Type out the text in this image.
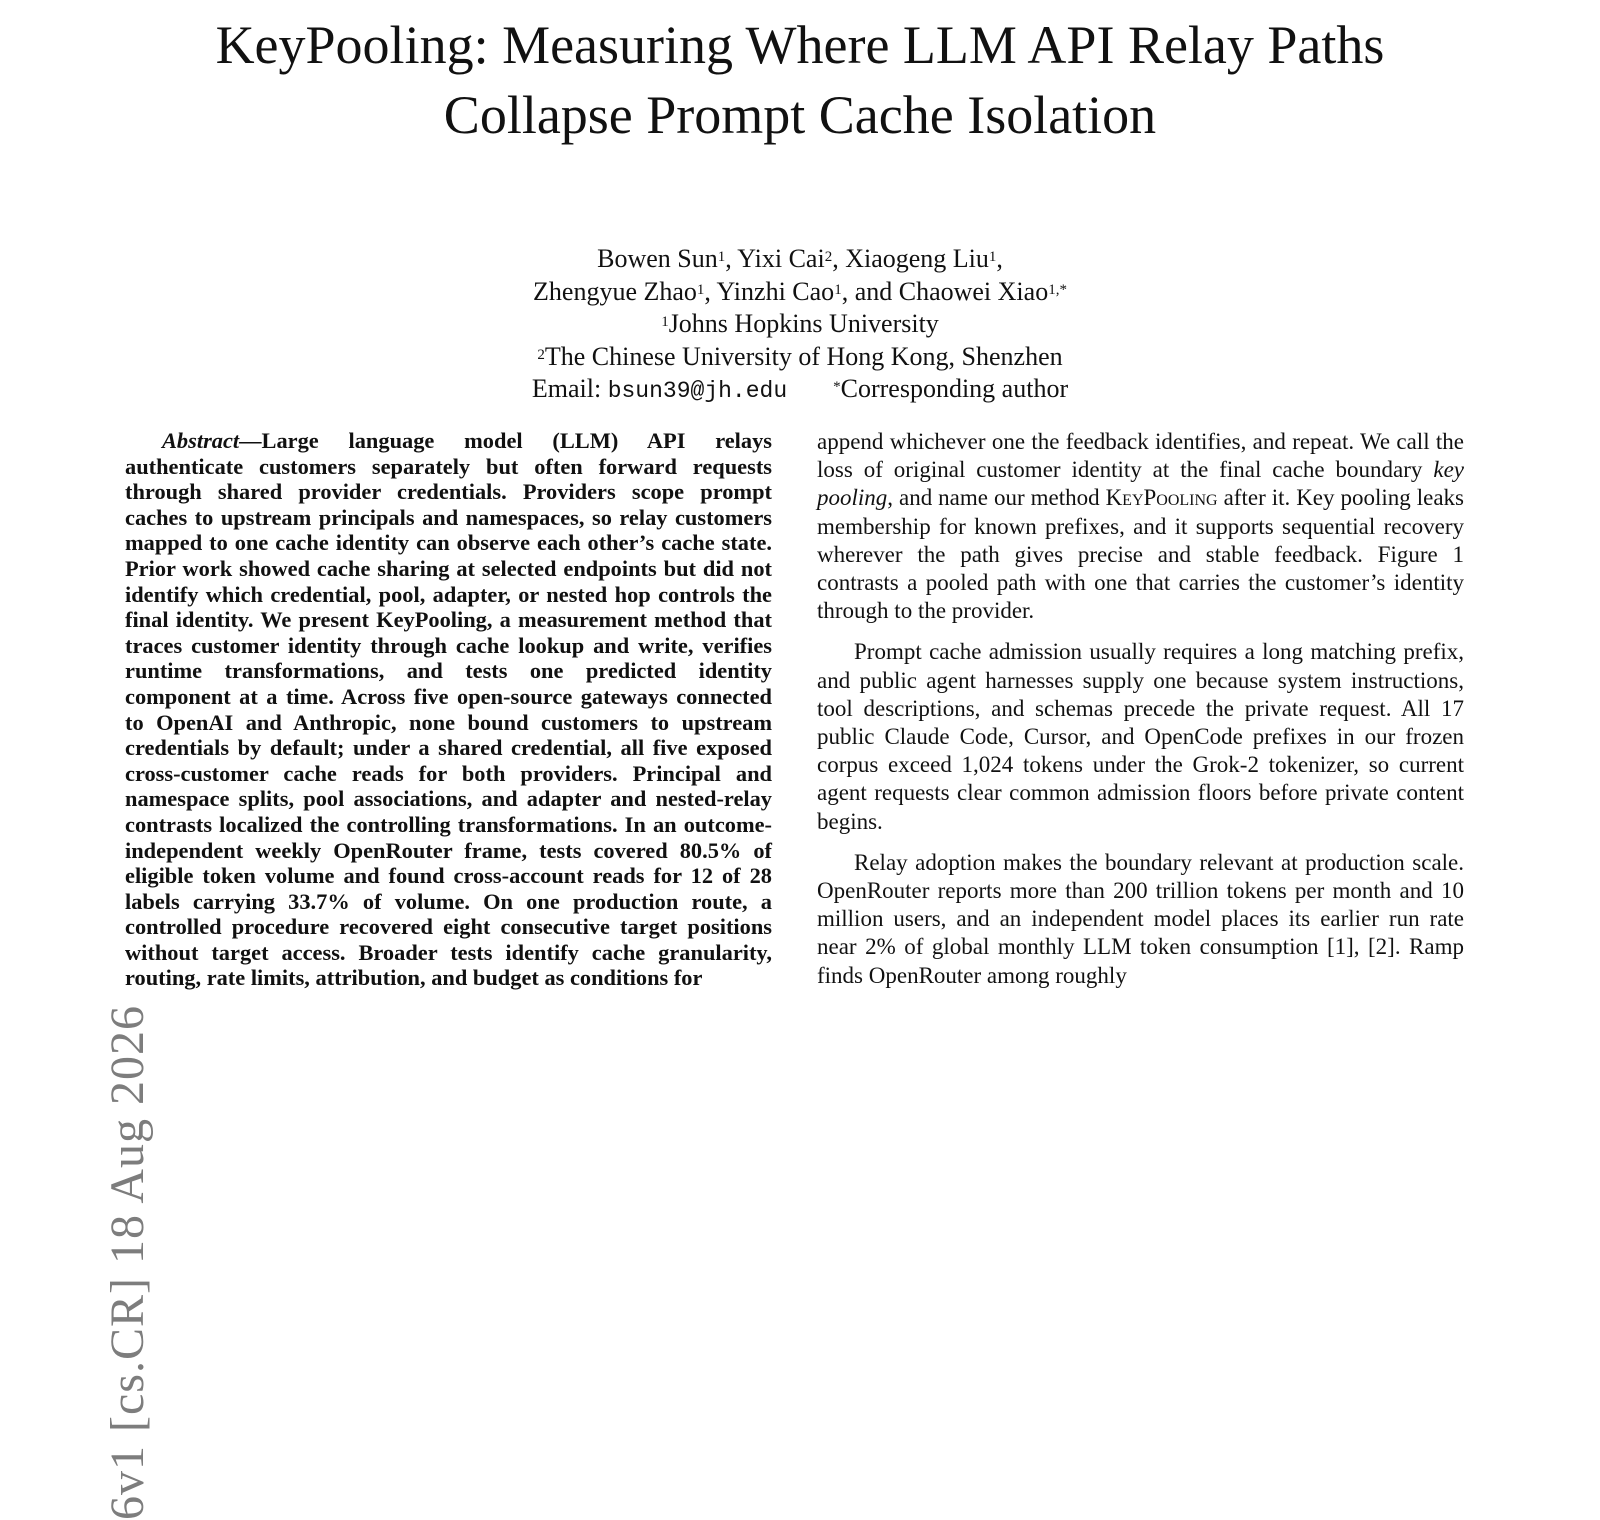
KeyPooling: Measuring Where LLM API Relay Paths
Collapse Prompt Cache Isolation
Bowen Sun$^1$, Yixi Cai$^2$, Xiaogeng Liu$^1$,
Zhengyue Zhao$^1$, Yinzhi Cao$^1$, and Chaowei Xiao$^{1,*}$
$^1$Johns Hopkins University
$^2$The Chinese University of Hong Kong, Shenzhen
Email: bsun39@jh.edu	*Corresponding author
6v1 [cs.CR] 18 Aug 2026

Abstract—Large language model (LLM) API relays authenticate customers separately but often forward requests through shared provider credentials. Providers scope prompt caches to upstream principals and namespaces, so relay customers mapped to one cache identity can observe each other’s cache state. Prior work showed cache sharing at selected endpoints but did not identify which credential, pool, adapter, or nested hop controls the final identity. We present KeyPooling, a measurement method that traces customer identity through cache lookup and write, verifies runtime transformations, and tests one predicted identity component at a time. Across five open-source gateways connected to OpenAI and Anthropic, none bound customers to upstream credentials by default; under a shared credential, all five exposed cross-customer cache reads for both providers. Principal and namespace splits, pool associations, and adapter and nested-relay contrasts localized the controlling transformations. In an outcome-independent weekly OpenRouter frame, tests covered 80.5% of eligible token volume and found cross-account reads for 12 of 28 labels carrying 33.7% of volume. On one production route, a controlled procedure recovered eight consecutive target positions without target access. Broader tests identify cache granularity, routing, rate limits, attribution, and budget as conditions for

append whichever one the feedback identifies, and repeat. We call the loss of original customer identity at the final cache boundary key pooling, and name our method KeyPooling after it. Key pooling leaks membership for known prefixes, and it supports sequential recovery wherever the path gives precise and stable feedback. Figure 1 contrasts a pooled path with one that carries the customer’s identity through to the provider.

Prompt cache admission usually requires a long matching prefix, and public agent harnesses supply one because system instructions, tool descriptions, and schemas precede the private request. All 17 public Claude Code, Cursor, and OpenCode prefixes in our frozen corpus exceed 1,024 tokens under the Grok-2 tokenizer, so current agent requests clear common admission floors before private content begins.

Relay adoption makes the boundary relevant at production scale. OpenRouter reports more than 200 trillion tokens per month and 10 million users, and an independent model places its earlier run rate near 2% of global monthly LLM token consumption [1], [2]. Ramp finds OpenRouter among roughly
